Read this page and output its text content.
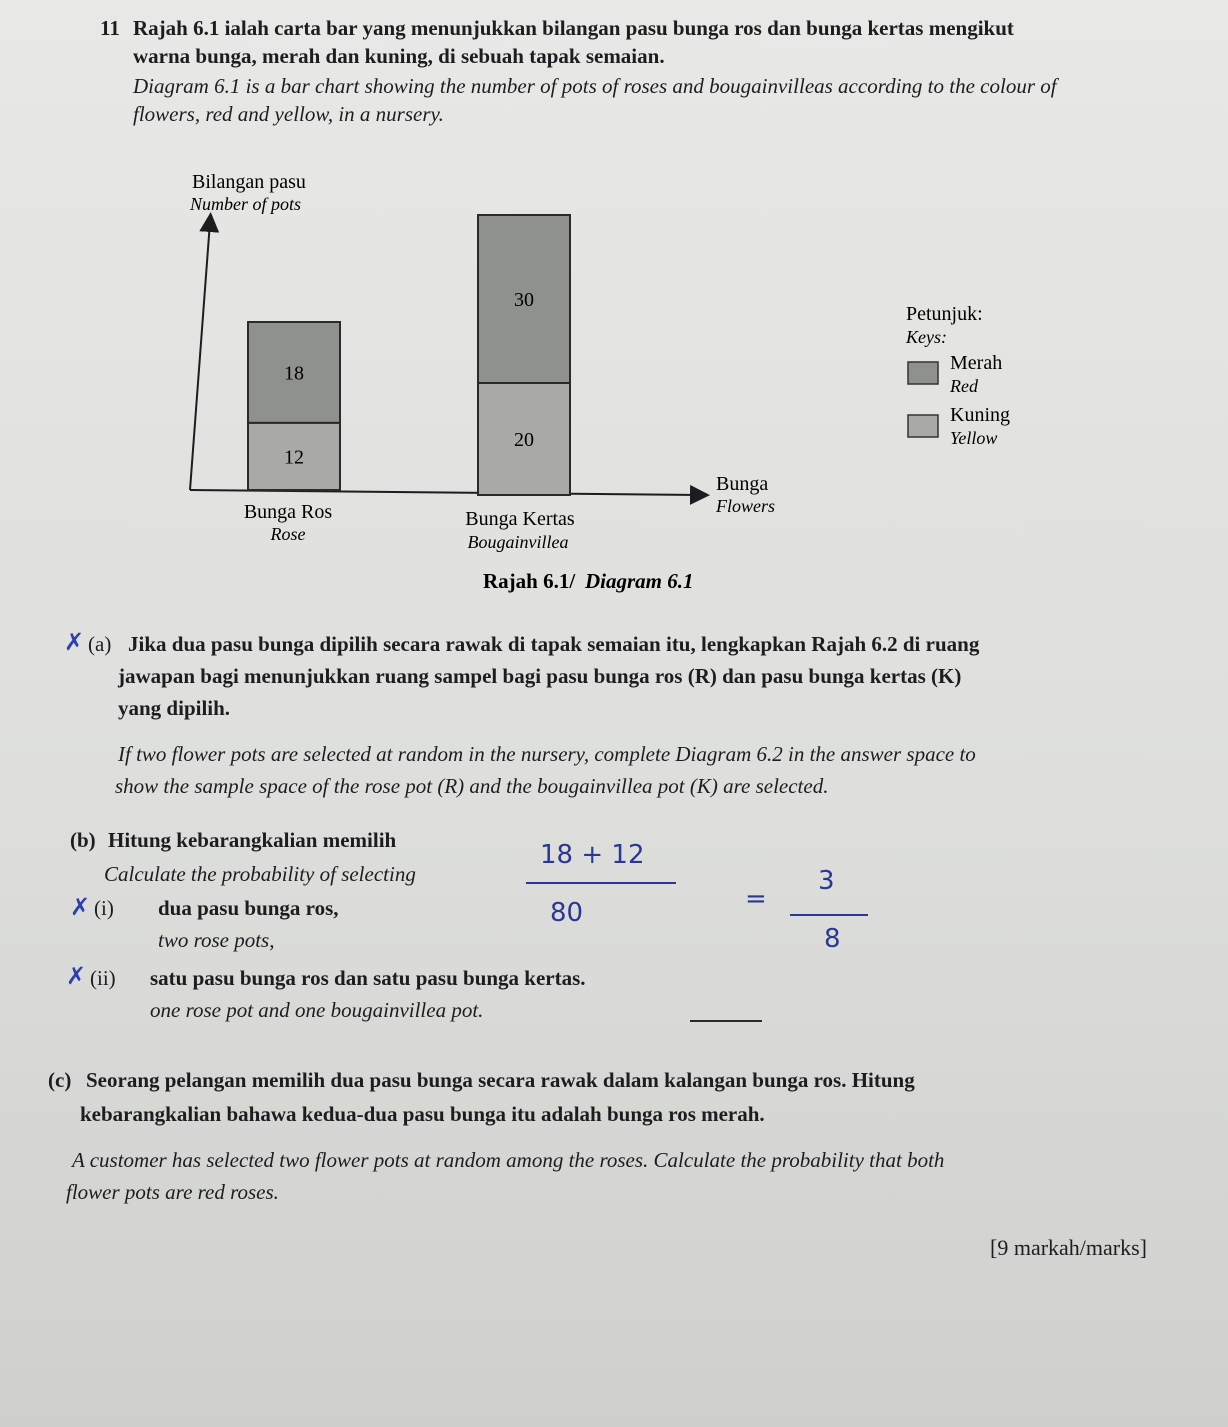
11 Rajah 6.1 ialah carta bar yang menunjukkan bilangan pasu bunga ros dan bunga kertas mengikut
warna bunga, merah dan kuning, di sebuah tapak semaian.
Diagram 6.1 is a bar chart showing the number of pots of roses and bougainvilleas according to the colour of
flowers, red and yellow, in a nursery.
Bilangan pasu
Number of pots
12
18
20
30
Bunga Ros
Rose
Bunga Kertas
Bougainvillea
Bunga
Flowers
Petunjuk:
Keys:
Merah
Red
Kuning
Yellow
Rajah 6.1/ Diagram 6.1
✗ (a) Jika dua pasu bunga dipilih secara rawak di tapak semaian itu, lengkapkan Rajah 6.2 di ruang
jawapan bagi menunjukkan ruang sampel bagi pasu bunga ros (R) dan pasu bunga kertas (K)
yang dipilih.
If two flower pots are selected at random in the nursery, complete Diagram 6.2 in the answer space to
show the sample space of the rose pot (R) and the bougainvillea pot (K) are selected.
(b) Hitung kebarangkalian memilih
Calculate the probability of selecting
✗ (i) dua pasu bunga ros,
two rose pots,
✗ (ii) satu pasu bunga ros dan satu pasu bunga kertas.
one rose pot and one bougainvillea pot.
18 + 12
80	=
3
8
(c) Seorang pelangan memilih dua pasu bunga secara rawak dalam kalangan bunga ros. Hitung
kebarangkalian bahawa kedua-dua pasu bunga itu adalah bunga ros merah.
A customer has selected two flower pots at random among the roses. Calculate the probability that both
flower pots are red roses.
[9 markah/marks]
